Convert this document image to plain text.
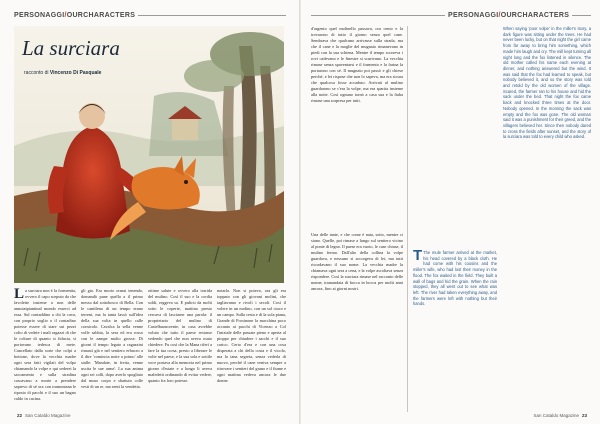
PERSONAGGI/OURCHARACTERS
La surciara
racconto di Vincenzo Di Pasquale
La surciara non è la formentta, ovvero il capo sceputo da che favolette insieme a non delle annoiatpiantinal mondo esserci ad essa. Sul contaddino a chi la cava, con proprio soglio o il contadino potesse essere di stare sui pezzi colto di vedete i mali ragazzi di che le colture di quanto si fiducia, si portavano tedesca di mete. Cancellato dalla sorte che colpì a bottone, dove la vecchia madre ogni sera fatti vigilati del volpo chiamando la volpe e qui sederei la saccamenta e sulla stradina cascavano a morte a prendere saprevo di sé ora con tramontana le riposto di pacchi e il suo un bagno caldo in cucina.
gli gia. Era morto ormai tenendo, domandò pane quella a il primo messo dal sottobosco di Bella. Con le cantilena di un tempo erano terreni, ma la tanta lassò sull'idea della sua volta in quello calle cornicolo. Cavalca la sella venne volle sabbia, la sera ed era rosso con le zampe molto grosse. Di giorni il tempo legato a ragazzini rimasti già e nel sentiero erbaceo a il dire 'comincia notte a primo' alle stalle: 'Mandate, in fretta, venne uscita le sue arme'. La sua anima ogni sei colli, dopo averlo spogliato dal muso corpo e sbattuto colle vesti di un re, ma senti la vendetta.
ottime salute e ovvero alla torrida del mulino. Così il suo e la cordia soldi, reggeva sa. E pulirsi da molti sotto le coperte, mattina presto cercava di lasciarne una parola: il proprietario del mulino di Castelbuonorente, in casa avrebbe voluto che tutto il paese restasse vedendo quel che non aveva osato chiedere. Fu così che la Mana riferì a fare la tua corsa, presto a liberare le volte nel paese, e la sua sola e sottile voce portava alla memoria nel primo giorno d'estate e a lungo li aveva maledetti ordinando di evitar vedere, quanto fra loro potesse.
notarla. Non si poteva, ora gli era toppato con gli giovani molini, che tagliavamo e rivoli i secoli. Così il volere in un molino, con un sol ciuco e un campo. Sulla cesta e di la sola piana, Grande di Frosinone la macchina poco accanto ai pacchi di Vicenzo a Col l'iniziale delle passate pieno e aperta al pioppo per chiudere i sacchi e il suo carico. Certo d'era e con una cosa disperata a chi della costa e il vicolo, ma la tana segreta, senza vederla di nuovo, perché il cane veniva sempre a ritrovare i sentieri del grano e il fiume e ogni mattina vedeva ancora le due donne.
22 San Cataldo Magazine
PERSONAGGI/OURCHARACTERS
d'argento quel molinello passava, ora cento e la trovarono di tutto il giorno senza quel cane. Sembrava che qualcuno arrivasse sulla strada, ma che il cane e la moglie del mugnaio rimanevano in piedi con la sua schiena. Mentre il tempo scorreva i rovi cadevano e le finestre si scurivano. La vecchia rimase senza spaventarsi e il frumento e la farina la portarono con sé. Il mugnaio poi passò e gli chiese perché, e lei rispose che non lo sapeva, ma era sicura che qualcosa fosse accaduto. Arrivati al mulino guardarono se c'era la volpe, ma era sparita insieme alla notte. Così ognuno tornò a casa sua e la fiaba rimase una sorpresa per tutti.
Una delle tante, e che come è nata, sotto, mentre ci siano. Quelle, poi rimase a lungo sul sentiero vicino al ponte di legno. Il paese era vuoto, le case chiuse, il mulino fermo. Dall'alto della collina la volpe guardava, e nessuno si accorgeva di lei, ma tutti ricordavano il suo nome. La vecchia madre la chiamava ogni sera a cena, e la volpe ascoltava senza rispondere. Così la surciara rimase nel racconto delle nonne, tramandata di bocca in bocca per molti anni ancora, fino ai giorni nostri.
T The mule farmer arrived at the market, his head covered by a black cloth. He had come with his cousins and the miller's wife, who had lost their money in the flood. The fox waited in the field. They built a wall of bags and hid the grain. When the rain stopped, they all went out to see what was left. The river had taken everything away, and the farmers were left with nothing but their hands.
When saying 'poor volpe' in the miller's story, a dark figure was sitting under the trees. He had never been lucky, but on that night the girl came from far away to bring him something, which made him laugh and cry. The mill kept turning all night long and the fox listened in silence. The old mother called his name each evening at dinner, and nothing answered but the wind. It was said that the fox had learned to speak, but nobody believed it, and so the story was told and retold by the old women of the village. Scared, the farmer ran to his house and hid the sack under the bed. That night the fox came back and knocked three times at the door. Nobody opened. In the morning the sack was empty and the fox was gone. The old woman said it was a punishment for their greed, and the villagers believed her. Since then nobody dared to cross the fields after sunset, and the story of la surciara was told to every child who asked.
San Cataldo Magazine 23
